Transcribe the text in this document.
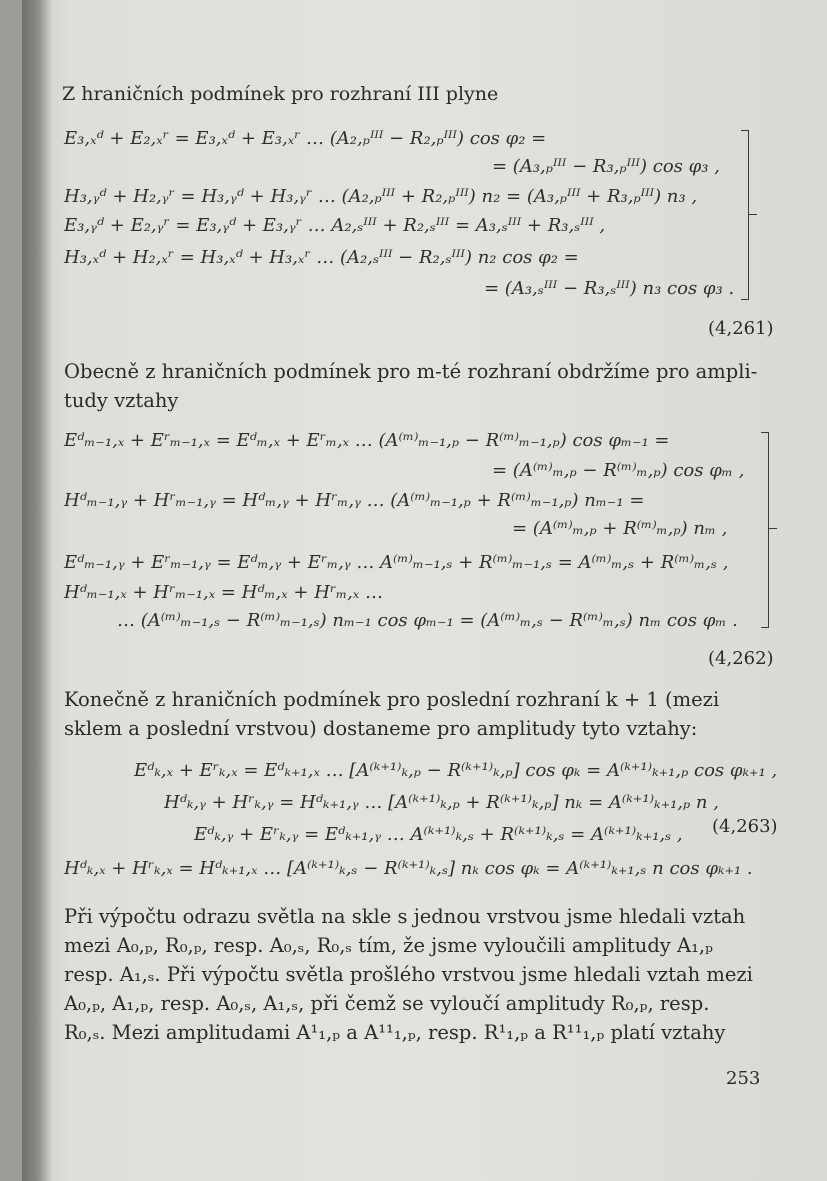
Z hraničních podmínek pro rozhraní III plyne
E₃,ₓᵈ + E₂,ₓʳ = E₃,ₓᵈ + E₃,ₓʳ … (A₂,ₚᴵᴵᴵ − R₂,ₚᴵᴵᴵ) cos φ₂ =
= (A₃,ₚᴵᴵᴵ − R₃,ₚᴵᴵᴵ) cos φ₃ ,
H₃,ᵧᵈ + H₂,ᵧʳ = H₃,ᵧᵈ + H₃,ᵧʳ … (A₂,ₚᴵᴵᴵ + R₂,ₚᴵᴵᴵ) n₂ = (A₃,ₚᴵᴵᴵ + R₃,ₚᴵᴵᴵ) n₃ ,
E₃,ᵧᵈ + E₂,ᵧʳ = E₃,ᵧᵈ + E₃,ᵧʳ … A₂,ₛᴵᴵᴵ + R₂,ₛᴵᴵᴵ = A₃,ₛᴵᴵᴵ + R₃,ₛᴵᴵᴵ ,
H₃,ₓᵈ + H₂,ₓʳ = H₃,ₓᵈ + H₃,ₓʳ … (A₂,ₛᴵᴵᴵ − R₂,ₛᴵᴵᴵ) n₂ cos φ₂ =
= (A₃,ₛᴵᴵᴵ − R₃,ₛᴵᴵᴵ) n₃ cos φ₃ .
(4,261)
Obecně z hraničních podmínek pro m-té rozhraní obdržíme pro ampli-
tudy vztahy
Eᵈₘ₋₁,ₓ + Eʳₘ₋₁,ₓ = Eᵈₘ,ₓ + Eʳₘ,ₓ … (A⁽ᵐ⁾ₘ₋₁,ₚ − R⁽ᵐ⁾ₘ₋₁,ₚ) cos φₘ₋₁ =
= (A⁽ᵐ⁾ₘ,ₚ − R⁽ᵐ⁾ₘ,ₚ) cos φₘ ,
Hᵈₘ₋₁,ᵧ + Hʳₘ₋₁,ᵧ = Hᵈₘ,ᵧ + Hʳₘ,ᵧ … (A⁽ᵐ⁾ₘ₋₁,ₚ + R⁽ᵐ⁾ₘ₋₁,ₚ) nₘ₋₁ =
= (A⁽ᵐ⁾ₘ,ₚ + R⁽ᵐ⁾ₘ,ₚ) nₘ ,
Eᵈₘ₋₁,ᵧ + Eʳₘ₋₁,ᵧ = Eᵈₘ,ᵧ + Eʳₘ,ᵧ … A⁽ᵐ⁾ₘ₋₁,ₛ + R⁽ᵐ⁾ₘ₋₁,ₛ = A⁽ᵐ⁾ₘ,ₛ + R⁽ᵐ⁾ₘ,ₛ ,
Hᵈₘ₋₁,ₓ + Hʳₘ₋₁,ₓ = Hᵈₘ,ₓ + Hʳₘ,ₓ …
… (A⁽ᵐ⁾ₘ₋₁,ₛ − R⁽ᵐ⁾ₘ₋₁,ₛ) nₘ₋₁ cos φₘ₋₁ = (A⁽ᵐ⁾ₘ,ₛ − R⁽ᵐ⁾ₘ,ₛ) nₘ cos φₘ .
(4,262)
Konečně z hraničních podmínek pro poslední rozhraní k + 1 (mezi
sklem a poslední vrstvou) dostaneme pro amplitudy tyto vztahy:
Eᵈₖ,ₓ + Eʳₖ,ₓ = Eᵈₖ₊₁,ₓ … [A⁽ᵏ⁺¹⁾ₖ,ₚ − R⁽ᵏ⁺¹⁾ₖ,ₚ] cos φₖ = A⁽ᵏ⁺¹⁾ₖ₊₁,ₚ cos φₖ₊₁ ,
Hᵈₖ,ᵧ + Hʳₖ,ᵧ = Hᵈₖ₊₁,ᵧ … [A⁽ᵏ⁺¹⁾ₖ,ₚ + R⁽ᵏ⁺¹⁾ₖ,ₚ] nₖ = A⁽ᵏ⁺¹⁾ₖ₊₁,ₚ n ,
Eᵈₖ,ᵧ + Eʳₖ,ᵧ = Eᵈₖ₊₁,ᵧ … A⁽ᵏ⁺¹⁾ₖ,ₛ + R⁽ᵏ⁺¹⁾ₖ,ₛ = A⁽ᵏ⁺¹⁾ₖ₊₁,ₛ ,
Hᵈₖ,ₓ + Hʳₖ,ₓ = Hᵈₖ₊₁,ₓ … [A⁽ᵏ⁺¹⁾ₖ,ₛ − R⁽ᵏ⁺¹⁾ₖ,ₛ] nₖ cos φₖ = A⁽ᵏ⁺¹⁾ₖ₊₁,ₛ n cos φₖ₊₁ .
(4,263)
Při výpočtu odrazu světla na skle s jednou vrstvou jsme hledali vztah
mezi A₀,ₚ, R₀,ₚ, resp. A₀,ₛ, R₀,ₛ tím, že jsme vyloučili amplitudy A₁,ₚ
resp. A₁,ₛ. Při výpočtu světla prošlého vrstvou jsme hledali vztah mezi
A₀,ₚ, A₁,ₚ, resp. A₀,ₛ, A₁,ₛ, při čemž se vyloučí amplitudy R₀,ₚ, resp.
R₀,ₛ. Mezi amplitudami A¹₁,ₚ a A¹¹₁,ₚ, resp. R¹₁,ₚ a R¹¹₁,ₚ platí vztahy
253
